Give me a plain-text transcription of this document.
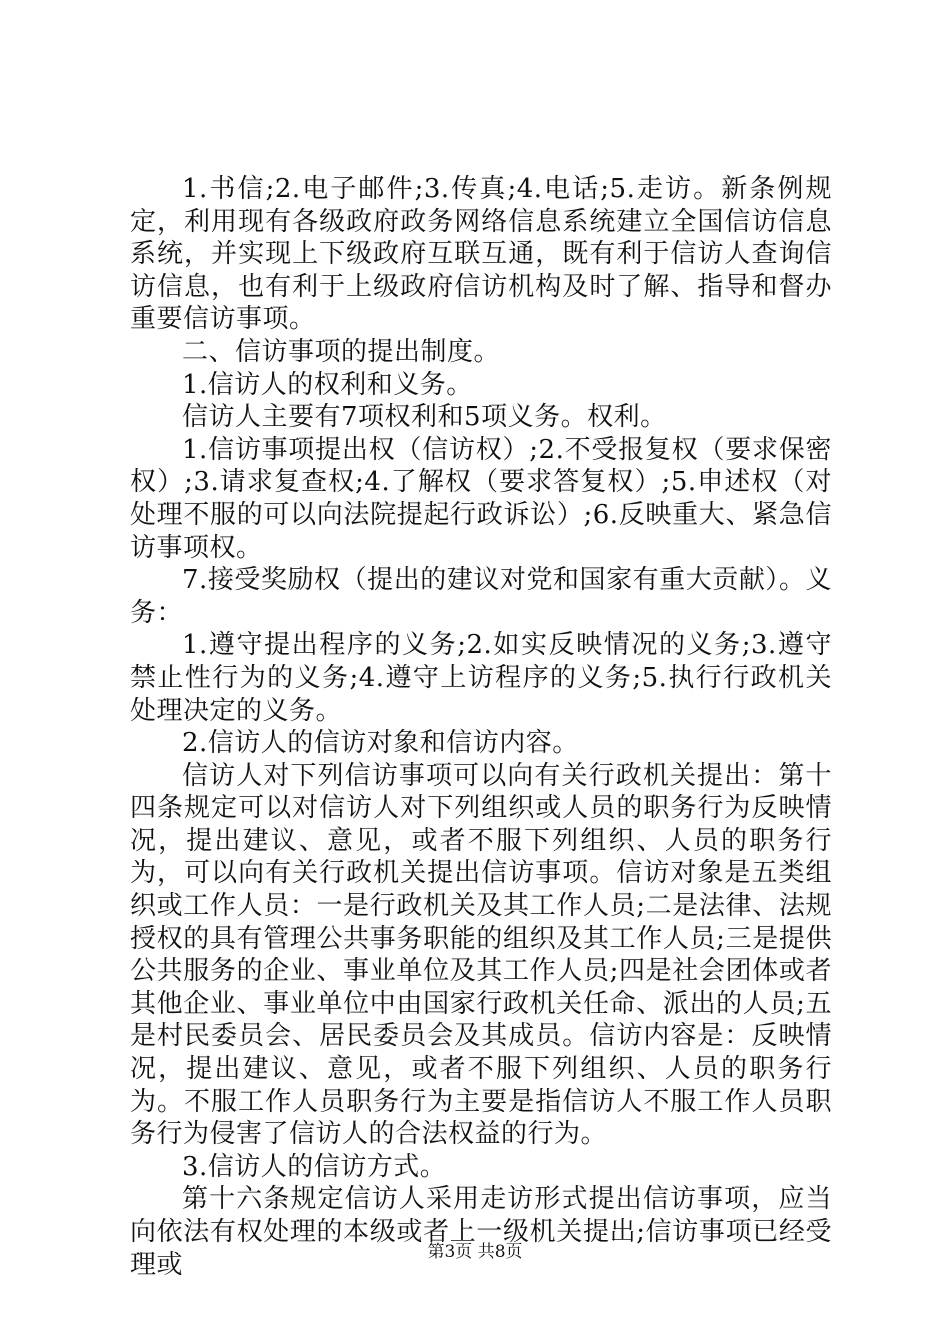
1.书信;2.电子邮件;3.传真;4.电话;5.走访。新条例规定，利用现有各级政府政务网络信息系统建立全国信访信息系统，并实现上下级政府互联互通，既有利于信访人查询信访信息，也有利于上级政府信访机构及时了解、指导和督办重要信访事项。

二、信访事项的提出制度。

1.信访人的权利和义务。

信访人主要有7项权利和5项义务。权利。

1.信访事项提出权（信访权）;2.不受报复权（要求保密权）;3.请求复查权;4.了解权（要求答复权）;5.申述权（对处理不服的可以向法院提起行政诉讼）;6.反映重大、紧急信访事项权。

7.接受奖励权（提出的建议对党和国家有重大贡献）。义务：

1.遵守提出程序的义务;2.如实反映情况的义务;3.遵守禁止性行为的义务;4.遵守上访程序的义务;5.执行行政机关处理决定的义务。

2.信访人的信访对象和信访内容。

信访人对下列信访事项可以向有关行政机关提出：第十四条规定可以对信访人对下列组织或人员的职务行为反映情况，提出建议、意见，或者不服下列组织、人员的职务行为，可以向有关行政机关提出信访事项。信访对象是五类组织或工作人员：一是行政机关及其工作人员;二是法律、法规授权的具有管理公共事务职能的组织及其工作人员;三是提供公共服务的企业、事业单位及其工作人员;四是社会团体或者其他企业、事业单位中由国家行政机关任命、派出的人员;五是村民委员会、居民委员会及其成员。信访内容是：反映情况，提出建议、意见，或者不服下列组织、人员的职务行为。不服工作人员职务行为主要是指信访人不服工作人员职务行为侵害了信访人的合法权益的行为。

3.信访人的信访方式。

第十六条规定信访人采用走访形式提出信访事项，应当向依法有权处理的本级或者上一级机关提出;信访事项已经受理或	第3页 共8页
